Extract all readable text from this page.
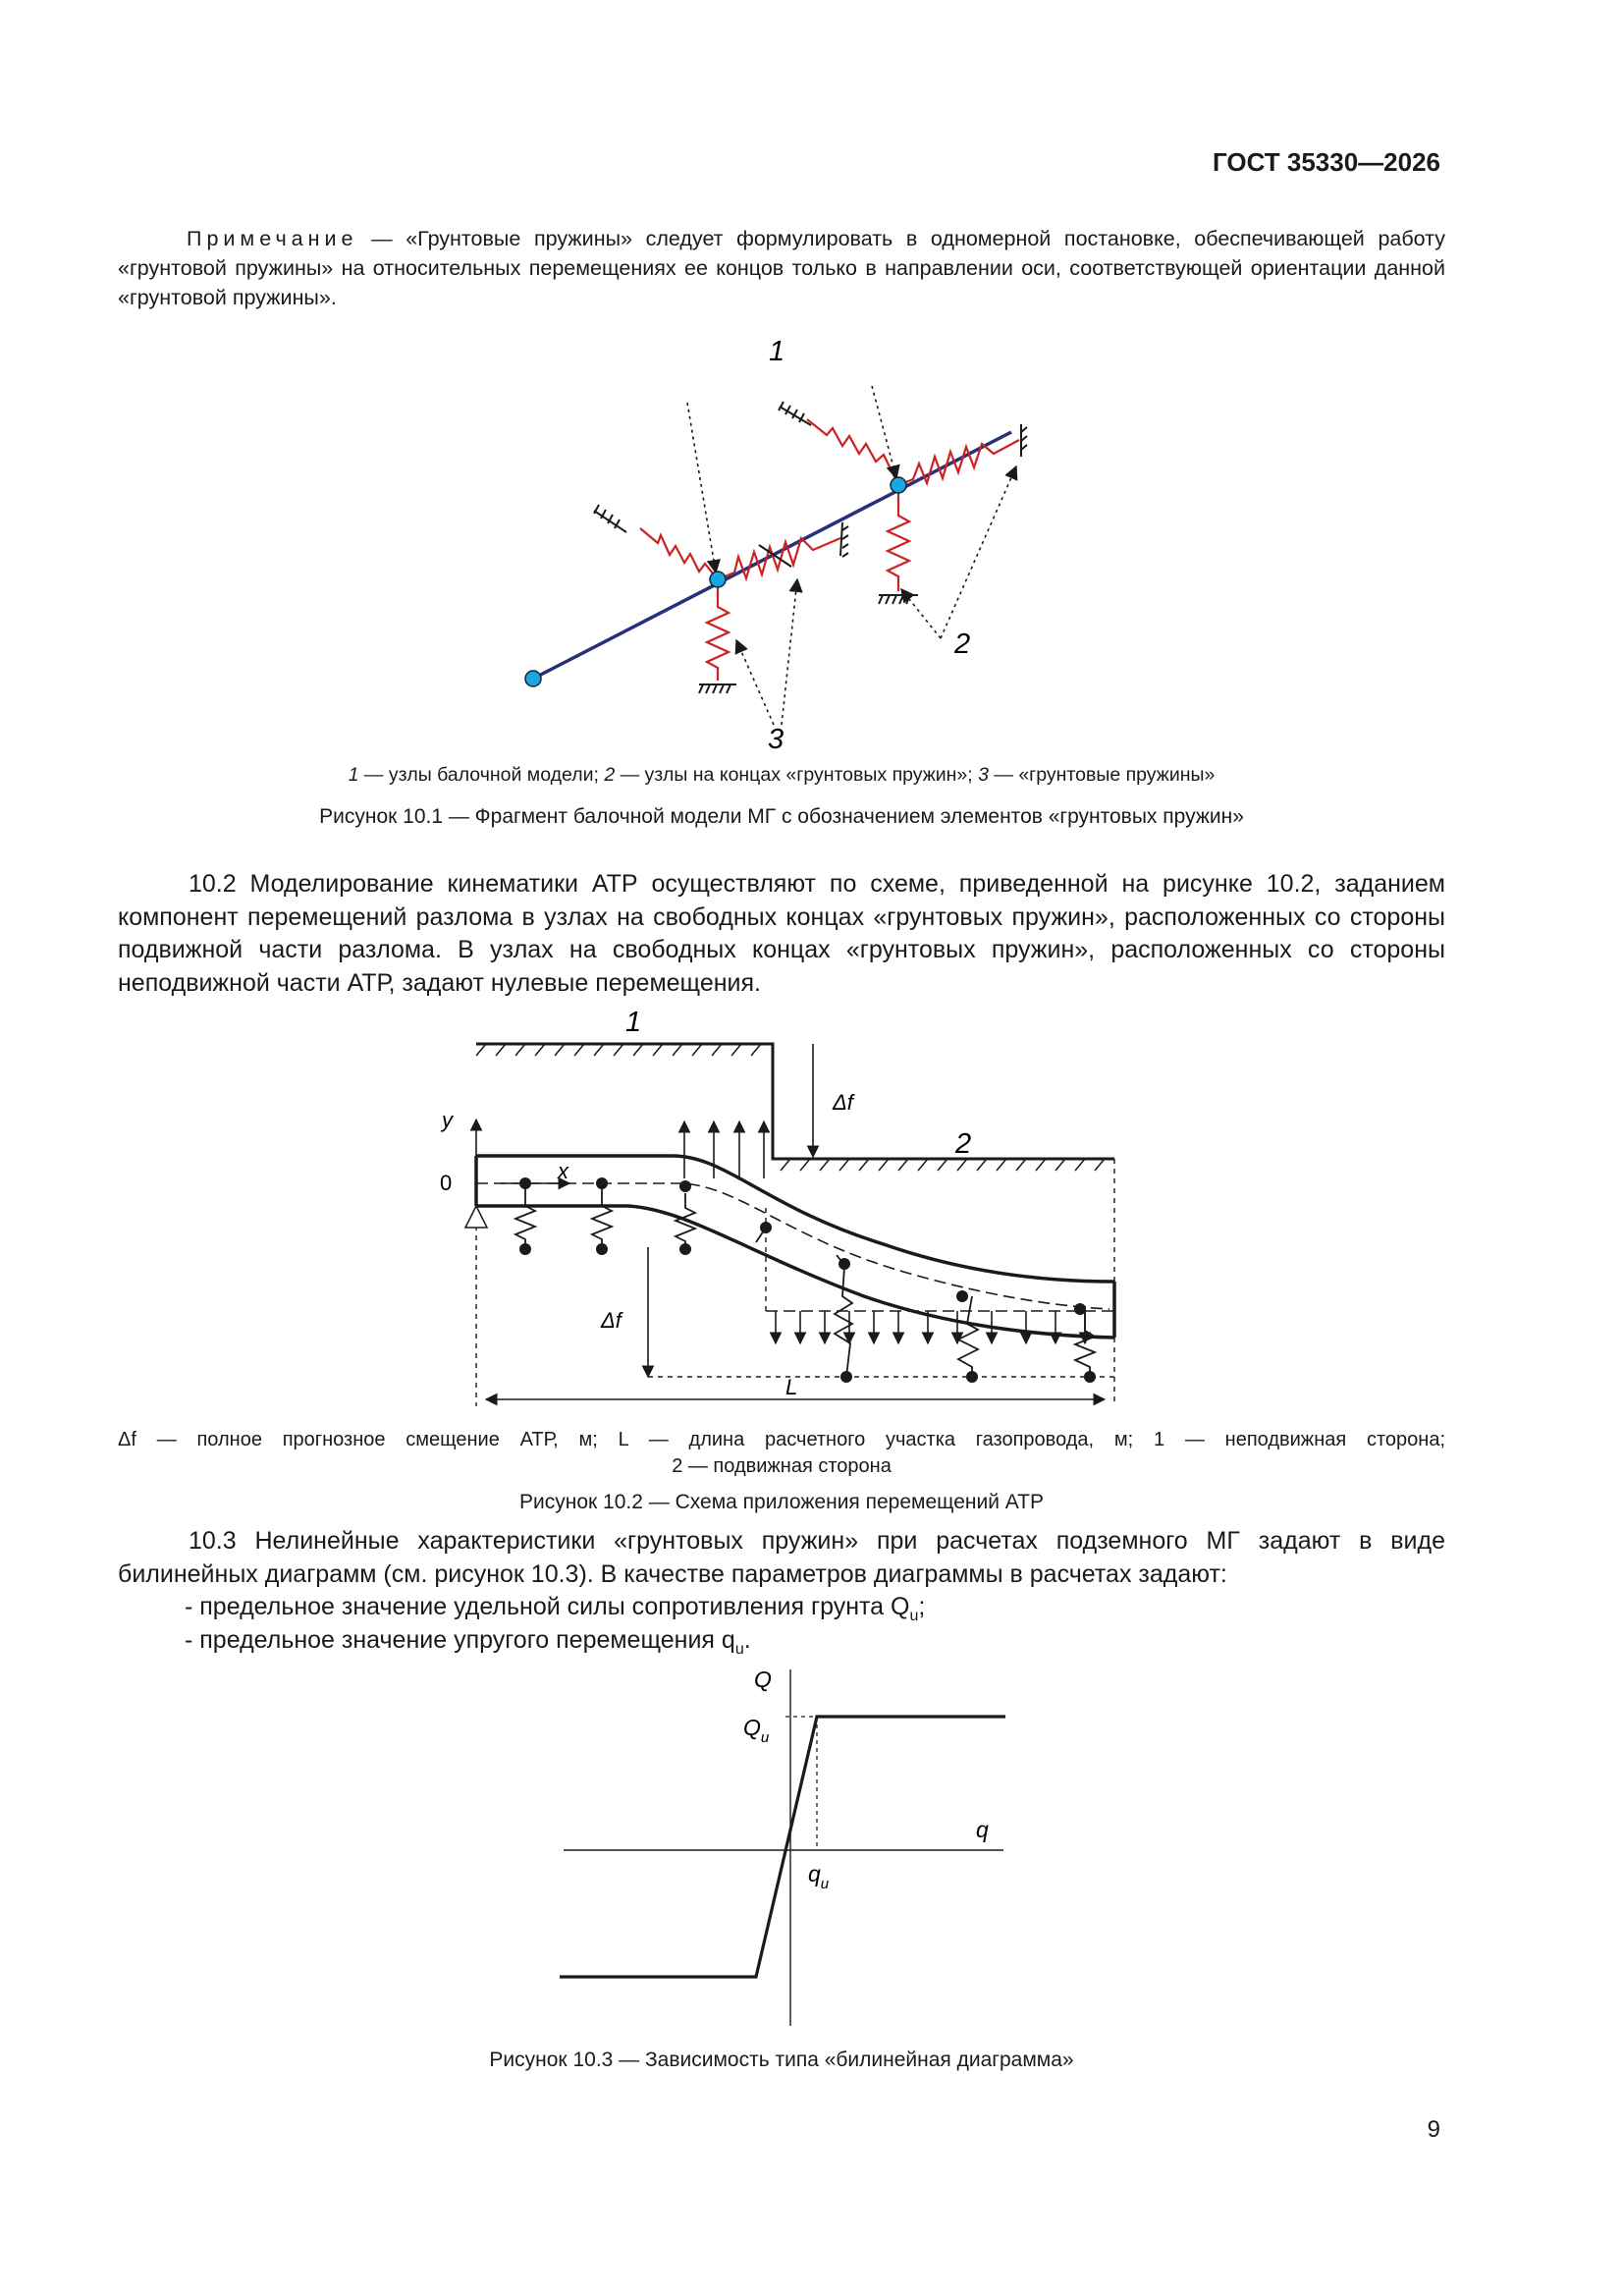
ГОСТ 35330—2026
Примечание — «Грунтовые пружины» следует формулировать в одномерной постановке, обеспечивающей работу «грунтовой пружины» на относительных перемещениях ее концов только в направлении оси, соответствующей ориентации данной «грунтовой пружины».
1
2
3
1 — узлы балочной модели; 2 — узлы на концах «грунтовых пружин»; 3 — «грунтовые пружины»
Рисунок 10.1 — Фрагмент балочной модели МГ с обозначением элементов «грунтовых пружин»
10.2 Моделирование кинематики АТР осуществляют по схеме, приведенной на рисунке 10.2, заданием компонент перемещений разлома в узлах на свободных концах «грунтовых пружин», расположенных со стороны подвижной части разлома. В узлах на свободных концах «грунтовых пружин», расположенных со стороны неподвижной части АТР, задают нулевые перемещения.
1
2
y
x
0
Δf
Δf
L
Δf — полное прогнозное смещение АТР, м; L — длина расчетного участка газопровода, м; 1 — неподвижная сторона;
2 — подвижная сторона
Рисунок 10.2 — Схема приложения перемещений АТР
10.3 Нелинейные характеристики «грунтовых пружин» при расчетах подземного МГ задают в виде билинейных диаграмм (см. рисунок 10.3). В качестве параметров диаграммы в расчетах задают:
- предельное значение удельной силы сопротивления грунта $Q_u$;
- предельное значение упругого перемещения $q_u$.
Q
$Q_u$
q
$q_u$
Рисунок 10.3 — Зависимость типа «билинейная диаграмма»
9
